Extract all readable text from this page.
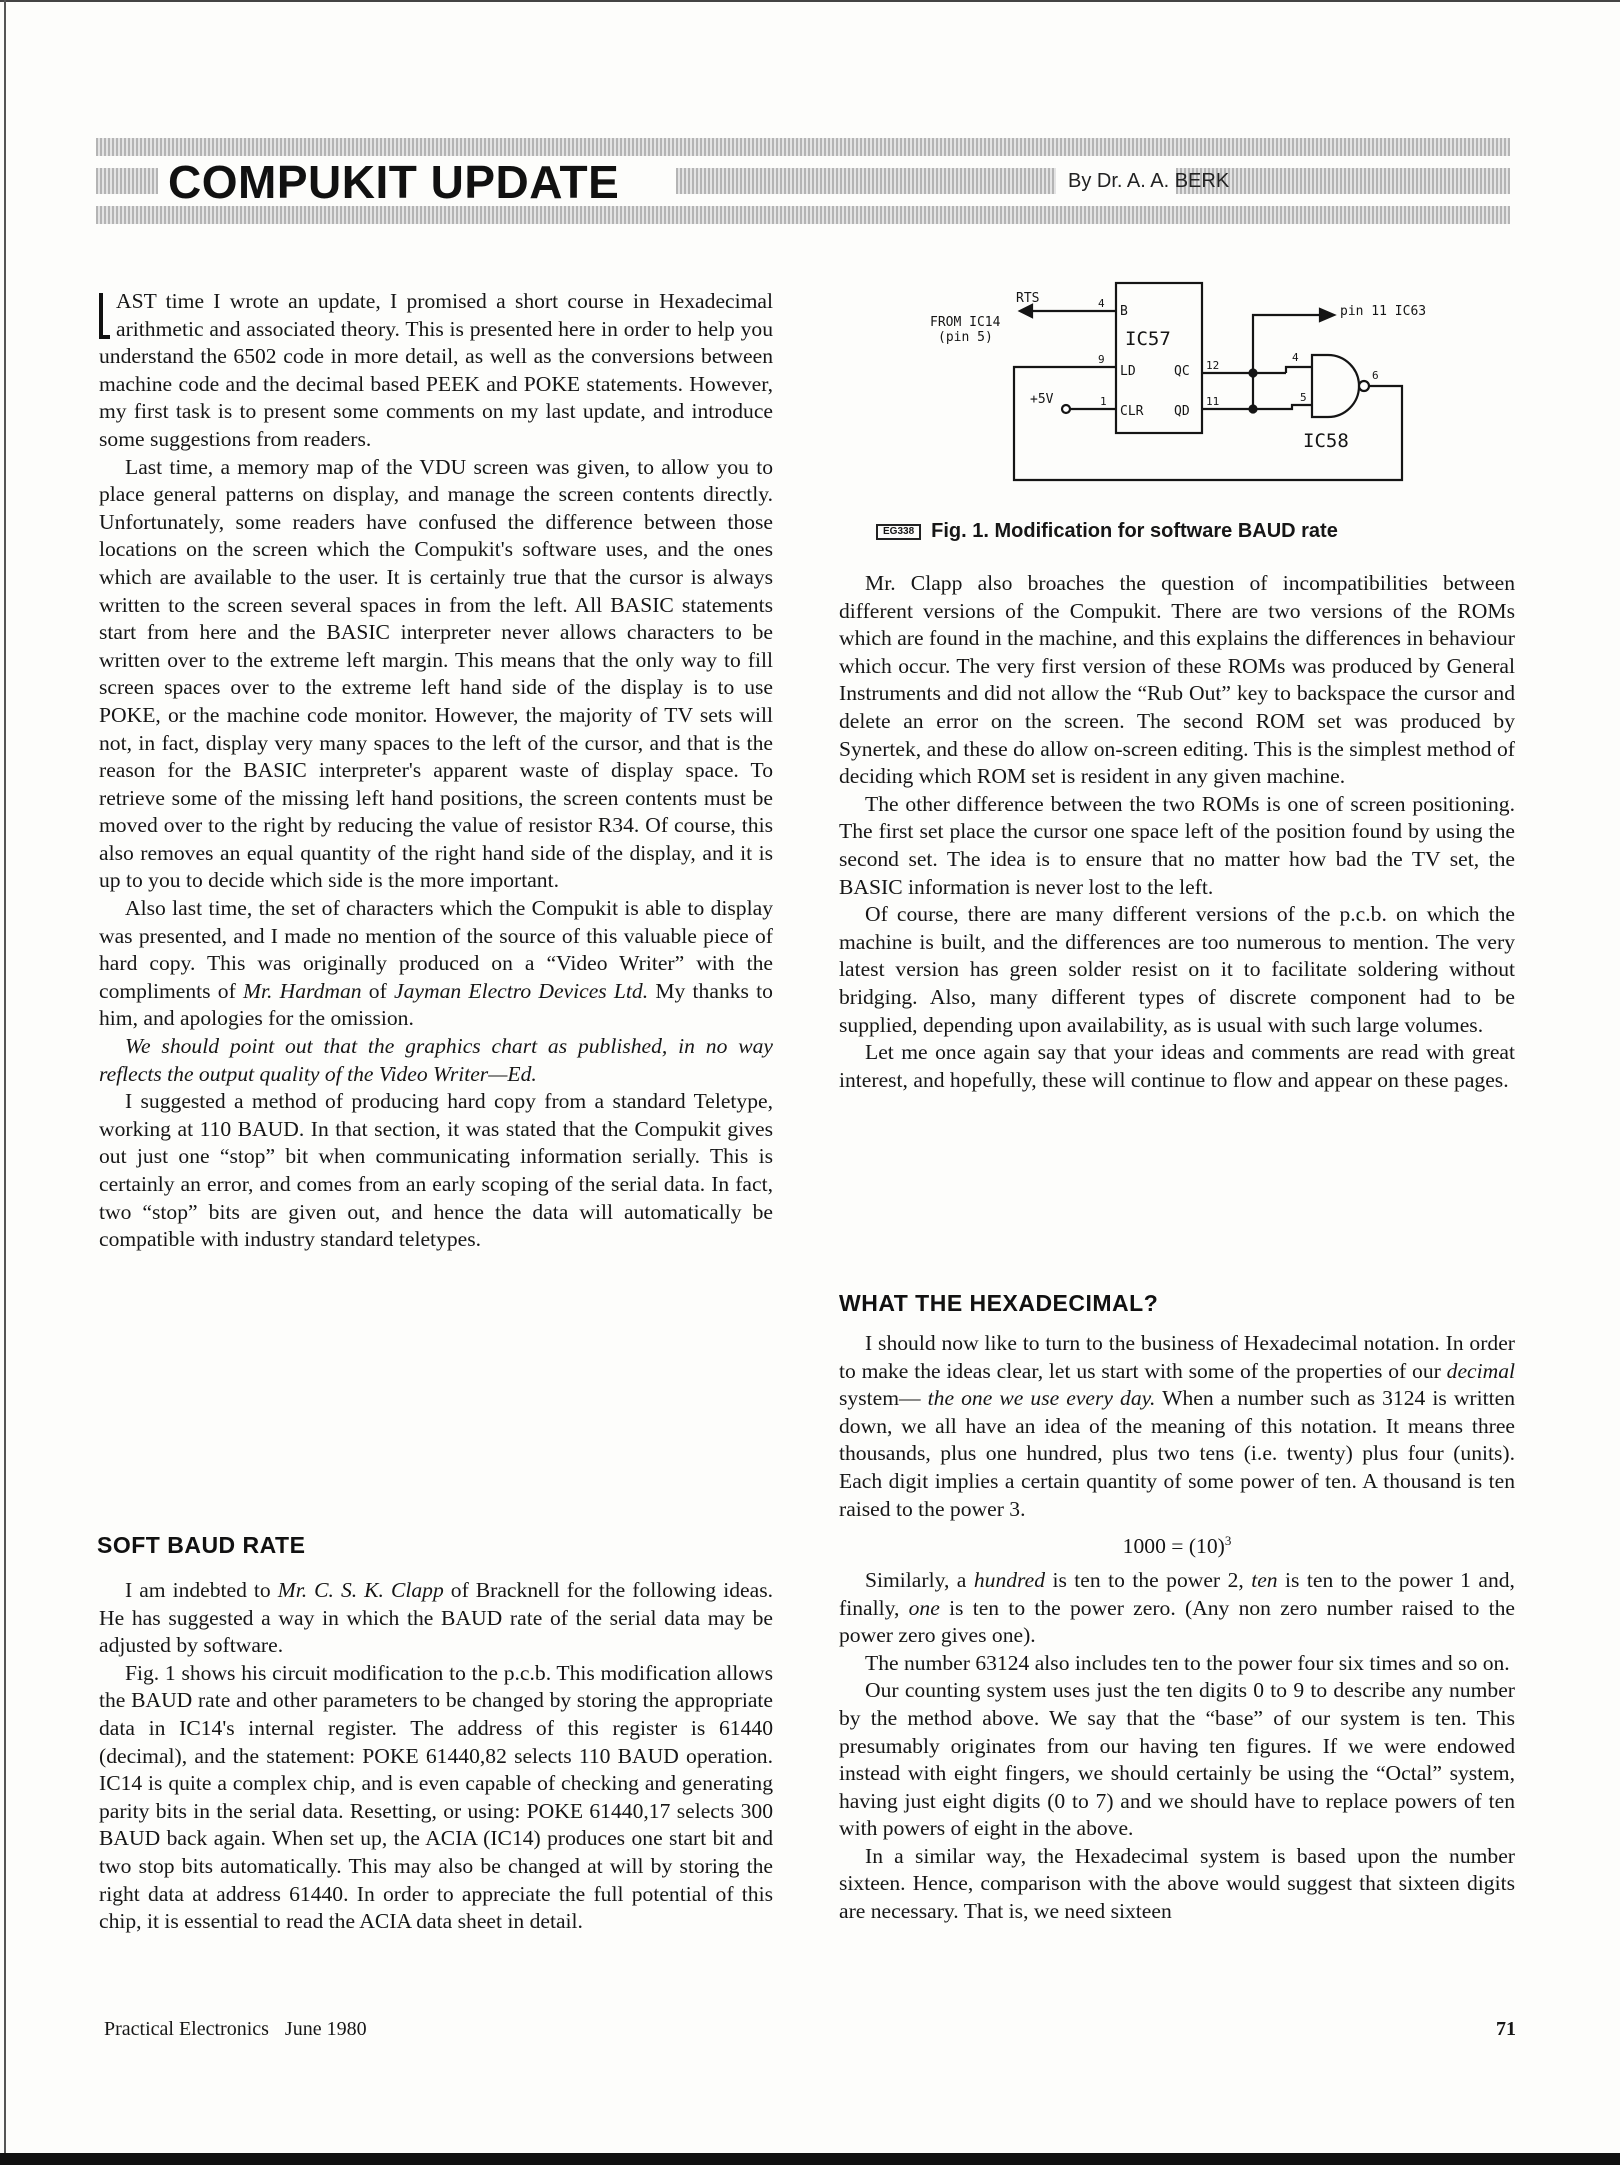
COMPUKIT UPDATE	By Dr. A. A. BERK

AST time I wrote an update, I promised a short course in Hexadecimal arithmetic and associated theory. This is presented here in order to help you understand the 6502 code in more detail, as well as the conversions between machine code and the decimal based PEEK and POKE statements. However, my first task is to present some comments on my last update, and introduce some suggestions from readers.

Last time, a memory map of the VDU screen was given, to allow you to place general patterns on display, and manage the screen contents directly. Unfortunately, some readers have confused the difference between those locations on the screen which the Compukit's software uses, and the ones which are available to the user. It is certainly true that the cursor is always written to the screen several spaces in from the left. All BASIC statements start from here and the BASIC interpreter never allows characters to be written over to the extreme left margin. This means that the only way to fill screen spaces over to the extreme left hand side of the display is to use POKE, or the machine code monitor. However, the majority of TV sets will not, in fact, display very many spaces to the left of the cursor, and that is the reason for the BASIC interpreter's apparent waste of display space. To retrieve some of the missing left hand positions, the screen contents must be moved over to the right by reducing the value of resistor R34. Of course, this also removes an equal quantity of the right hand side of the display, and it is up to you to decide which side is the more important.

Also last time, the set of characters which the Compukit is able to display was presented, and I made no mention of the source of this valuable piece of hard copy. This was originally produced on a “Video Writer” with the compliments of Mr. Hardman of Jayman Electro Devices Ltd. My thanks to him, and apologies for the omission.

We should point out that the graphics chart as published, in no way reflects the output quality of the Video Writer—Ed.

I suggested a method of producing hard copy from a standard Teletype, working at 110 BAUD. In that section, it was stated that the Compukit gives out just one “stop” bit when communicating information serially. This is certainly an error, and comes from an early scoping of the serial data. In fact, two “stop” bits are given out, and hence the data will automatically be compatible with industry standard teletypes.

SOFT BAUD RATE

I am indebted to Mr. C. S. K. Clapp of Bracknell for the following ideas. He has suggested a way in which the BAUD rate of the serial data may be adjusted by software.

Fig. 1 shows his circuit modification to the p.c.b. This modification allows the BAUD rate and other parameters to be changed by storing the appropriate data in IC14's internal register. The address of this register is 61440 (decimal), and the statement: POKE 61440,82 selects 110 BAUD operation. IC14 is quite a complex chip, and is even capable of checking and generating parity bits in the serial data. Resetting, or using: POKE 61440,17 selects 300 BAUD back again. When set up, the ACIA (IC14) produces one start bit and two stop bits automatically. This may also be changed at will by storing the right data at address 61440. In order to appreciate the full potential of this chip, it is essential to read the ACIA data sheet in detail.

FROM IC14
(pin 5)
RTS
+5V
IC57
IC58
pin 11 IC63
B
LD
CLR
QC
QD
4
9
1
12
11
4
5
6
EG338 Fig. 1. Modification for software BAUD rate

Mr. Clapp also broaches the question of incompatibilities between different versions of the Compukit. There are two versions of the ROMs which are found in the machine, and this explains the differences in behaviour which occur. The very first version of these ROMs was produced by General Instruments and did not allow the “Rub Out” key to backspace the cursor and delete an error on the screen. The second ROM set was produced by Synertek, and these do allow on-screen editing. This is the simplest method of deciding which ROM set is resident in any given machine.

The other difference between the two ROMs is one of screen positioning. The first set place the cursor one space left of the position found by using the second set. The idea is to ensure that no matter how bad the TV set, the BASIC information is never lost to the left.

Of course, there are many different versions of the p.c.b. on which the machine is built, and the differences are too numerous to mention. The very latest version has green solder resist on it to facilitate soldering without bridging. Also, many different types of discrete component had to be supplied, depending upon availability, as is usual with such large volumes.

Let me once again say that your ideas and comments are read with great interest, and hopefully, these will continue to flow and appear on these pages.

WHAT THE HEXADECIMAL?

I should now like to turn to the business of Hexadecimal notation. In order to make the ideas clear, let us start with some of the properties of our decimal system— the one we use every day. When a number such as 3124 is written down, we all have an idea of the meaning of this notation. It means three thousands, plus one hundred, plus two tens (i.e. twenty) plus four (units). Each digit implies a certain quantity of some power of ten. A thousand is ten raised to the power 3.

$1000 = (10)^3$

Similarly, a hundred is ten to the power 2, ten is ten to the power 1 and, finally, one is ten to the power zero. (Any non zero number raised to the power zero gives one).

The number 63124 also includes ten to the power four six times and so on.

Our counting system uses just the ten digits 0 to 9 to describe any number by the method above. We say that the “base” of our system is ten. This presumably originates from our having ten figures. If we were endowed instead with eight fingers, we should certainly be using the “Octal” system, having just eight digits (0 to 7) and we should have to replace powers of ten with powers of eight in the above.

In a similar way, the Hexadecimal system is based upon the number sixteen. Hence, comparison with the above would suggest that sixteen digits are necessary. That is, we need sixteen

Practical Electronics June 1980	71
